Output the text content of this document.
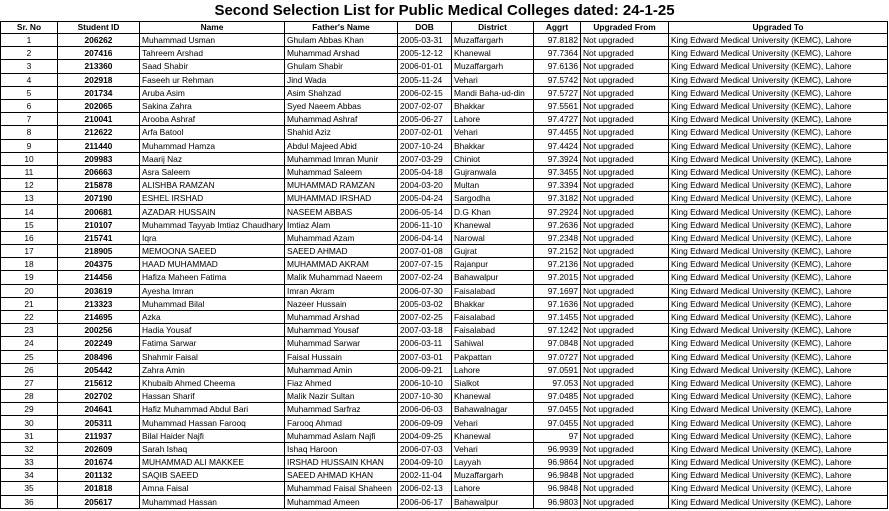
Second Selection List for Public Medical Colleges dated: 24-1-25
Sr. No	Student ID	Name	Father's Name	DOB	District	Aggrt	Upgraded From	Upgraded To
1	206262	Muhammad Usman	Ghulam Abbas Khan	2005-03-31	Muzaffargarh	97.8182	Not upgraded	King Edward Medical University (KEMC), Lahore
2	207416	Tahreem Arshad	Muhammad Arshad	2005-12-12	Khanewal	97.7364	Not upgraded	King Edward Medical University (KEMC), Lahore
3	213360	Saad Shabir	Ghulam Shabir	2006-01-01	Muzaffargarh	97.6136	Not upgraded	King Edward Medical University (KEMC), Lahore
4	202918	Faseeh ur Rehman	Jind Wada	2005-11-24	Vehari	97.5742	Not upgraded	King Edward Medical University (KEMC), Lahore
5	201734	Aruba Asim	Asim Shahzad	2006-02-15	Mandi Baha-ud-din	97.5727	Not upgraded	King Edward Medical University (KEMC), Lahore
6	202065	Sakina Zahra	Syed Naeem Abbas	2007-02-07	Bhakkar	97.5561	Not upgraded	King Edward Medical University (KEMC), Lahore
7	210041	Arooba Ashraf	Muhammad Ashraf	2005-06-27	Lahore	97.4727	Not upgraded	King Edward Medical University (KEMC), Lahore
8	212622	Arfa Batool	Shahid Aziz	2007-02-01	Vehari	97.4455	Not upgraded	King Edward Medical University (KEMC), Lahore
9	211440	Muhammad Hamza	Abdul Majeed Abid	2007-10-24	Bhakkar	97.4424	Not upgraded	King Edward Medical University (KEMC), Lahore
10	209983	Maarij Naz	Muhammad Imran Munir	2007-03-29	Chiniot	97.3924	Not upgraded	King Edward Medical University (KEMC), Lahore
11	206663	Asra Saleem	Muhammad Saleem	2005-04-18	Gujranwala	97.3455	Not upgraded	King Edward Medical University (KEMC), Lahore
12	215878	ALISHBA RAMZAN	MUHAMMAD RAMZAN	2004-03-20	Multan	97.3394	Not upgraded	King Edward Medical University (KEMC), Lahore
13	207190	ESHEL IRSHAD	MUHAMMAD IRSHAD	2005-04-24	Sargodha	97.3182	Not upgraded	King Edward Medical University (KEMC), Lahore
14	200681	AZADAR HUSSAIN	NASEEM ABBAS	2006-05-14	D.G Khan	97.2924	Not upgraded	King Edward Medical University (KEMC), Lahore
15	210107	Muhammad Tayyab Imtiaz Chaudhary	Imtiaz Alam	2006-11-10	Khanewal	97.2636	Not upgraded	King Edward Medical University (KEMC), Lahore
16	215741	Iqra	Muhammad Azam	2006-04-14	Narowal	97.2348	Not upgraded	King Edward Medical University (KEMC), Lahore
17	218905	MEMOONA SAEED	SAEED AHMAD	2007-01-08	Gujrat	97.2152	Not upgraded	King Edward Medical University (KEMC), Lahore
18	204375	HAAD MUHAMMAD	MUHAMMAD AKRAM	2007-07-15	Rajanpur	97.2136	Not upgraded	King Edward Medical University (KEMC), Lahore
19	214456	Hafiza Maheen Fatima	Malik Muhammad Naeem	2007-02-24	Bahawalpur	97.2015	Not upgraded	King Edward Medical University (KEMC), Lahore
20	203619	Ayesha Imran	Imran Akram	2006-07-30	Faisalabad	97.1697	Not upgraded	King Edward Medical University (KEMC), Lahore
21	213323	Muhammad Bilal	Nazeer Hussain	2005-03-02	Bhakkar	97.1636	Not upgraded	King Edward Medical University (KEMC), Lahore
22	214695	Azka	Muhammad Arshad	2007-02-25	Faisalabad	97.1455	Not upgraded	King Edward Medical University (KEMC), Lahore
23	200256	Hadia Yousaf	Muhammad Yousaf	2007-03-18	Faisalabad	97.1242	Not upgraded	King Edward Medical University (KEMC), Lahore
24	202249	Fatima Sarwar	Muhammad Sarwar	2006-03-11	Sahiwal	97.0848	Not upgraded	King Edward Medical University (KEMC), Lahore
25	208496	Shahmir Faisal	Faisal Hussain	2007-03-01	Pakpattan	97.0727	Not upgraded	King Edward Medical University (KEMC), Lahore
26	205442	Zahra Amin	Muhammad Amin	2006-09-21	Lahore	97.0591	Not upgraded	King Edward Medical University (KEMC), Lahore
27	215612	Khubaib Ahmed Cheema	Fiaz Ahmed	2006-10-10	Sialkot	97.053	Not upgraded	King Edward Medical University (KEMC), Lahore
28	202702	Hassan Sharif	Malik Nazir Sultan	2007-10-30	Khanewal	97.0485	Not upgraded	King Edward Medical University (KEMC), Lahore
29	204641	Hafiz Muhammad Abdul Bari	Muhammad Sarfraz	2006-06-03	Bahawalnagar	97.0455	Not upgraded	King Edward Medical University (KEMC), Lahore
30	205311	Muhammad Hassan Farooq	Farooq Ahmad	2006-09-09	Vehari	97.0455	Not upgraded	King Edward Medical University (KEMC), Lahore
31	211937	Bilal Haider Najfi	Muhammad Aslam Najfi	2004-09-25	Khanewal	97	Not upgraded	King Edward Medical University (KEMC), Lahore
32	202609	Sarah Ishaq	Ishaq Haroon	2006-07-03	Vehari	96.9939	Not upgraded	King Edward Medical University (KEMC), Lahore
33	201674	MUHAMMAD ALI MAKKEE	IRSHAD HUSSAIN KHAN	2004-09-10	Layyah	96.9864	Not upgraded	King Edward Medical University (KEMC), Lahore
34	201132	SAQIB SAEED	SAEED AHMAD KHAN	2002-11-04	Muzaffargarh	96.9848	Not upgraded	King Edward Medical University (KEMC), Lahore
35	201818	Amna Faisal	Muhammad Faisal Shaheen	2006-02-13	Lahore	96.9848	Not upgraded	King Edward Medical University (KEMC), Lahore
36	205617	Muhammad Hassan	Muhammad Ameen	2006-06-17	Bahawalpur	96.9803	Not upgraded	King Edward Medical University (KEMC), Lahore
